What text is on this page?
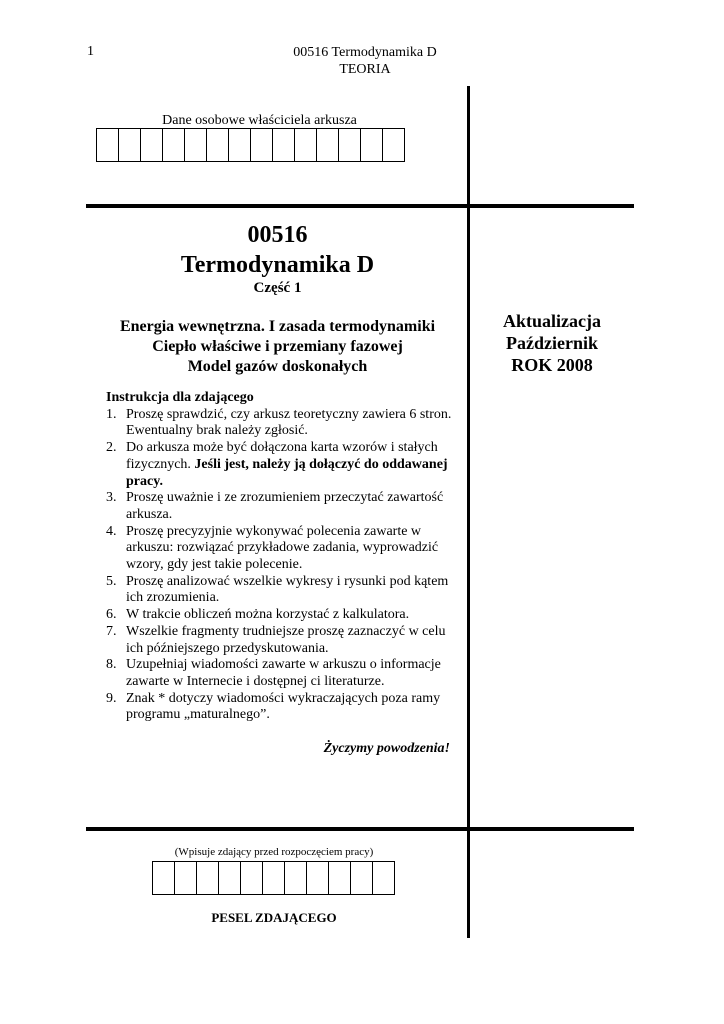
1	00516 Termodynamika D
TEORIA
Dane osobowe właściciela arkusza
00516
Termodynamika D
Część 1
Energia wewnętrzna. I zasada termodynamiki
Ciepło właściwe i przemiany fazowej
Model gazów doskonałych
Aktualizacja
Październik
ROK 2008
Instrukcja dla zdającego
1. Proszę sprawdzić, czy arkusz teoretyczny zawiera 6 stron. Ewentualny brak należy zgłosić.
2. Do arkusza może być dołączona karta wzorów i stałych fizycznych. Jeśli jest, należy ją dołączyć do oddawanej pracy.
3. Proszę uważnie i ze zrozumieniem przeczytać zawartość arkusza.
4. Proszę precyzyjnie wykonywać polecenia zawarte w arkuszu: rozwiązać przykładowe zadania, wyprowadzić wzory, gdy jest takie polecenie.
5. Proszę analizować wszelkie wykresy i rysunki pod kątem ich zrozumienia.
6. W trakcie obliczeń można korzystać z kalkulatora.
7. Wszelkie fragmenty trudniejsze proszę zaznaczyć w celu ich późniejszego przedyskutowania.
8. Uzupełniaj wiadomości zawarte w arkuszu o informacje zawarte w Internecie i dostępnej ci literaturze.
9. Znak * dotyczy wiadomości wykraczających poza ramy programu „maturalnego”.
Życzymy powodzenia!
(Wpisuje zdający przed rozpoczęciem pracy)
PESEL ZDAJĄCEGO
